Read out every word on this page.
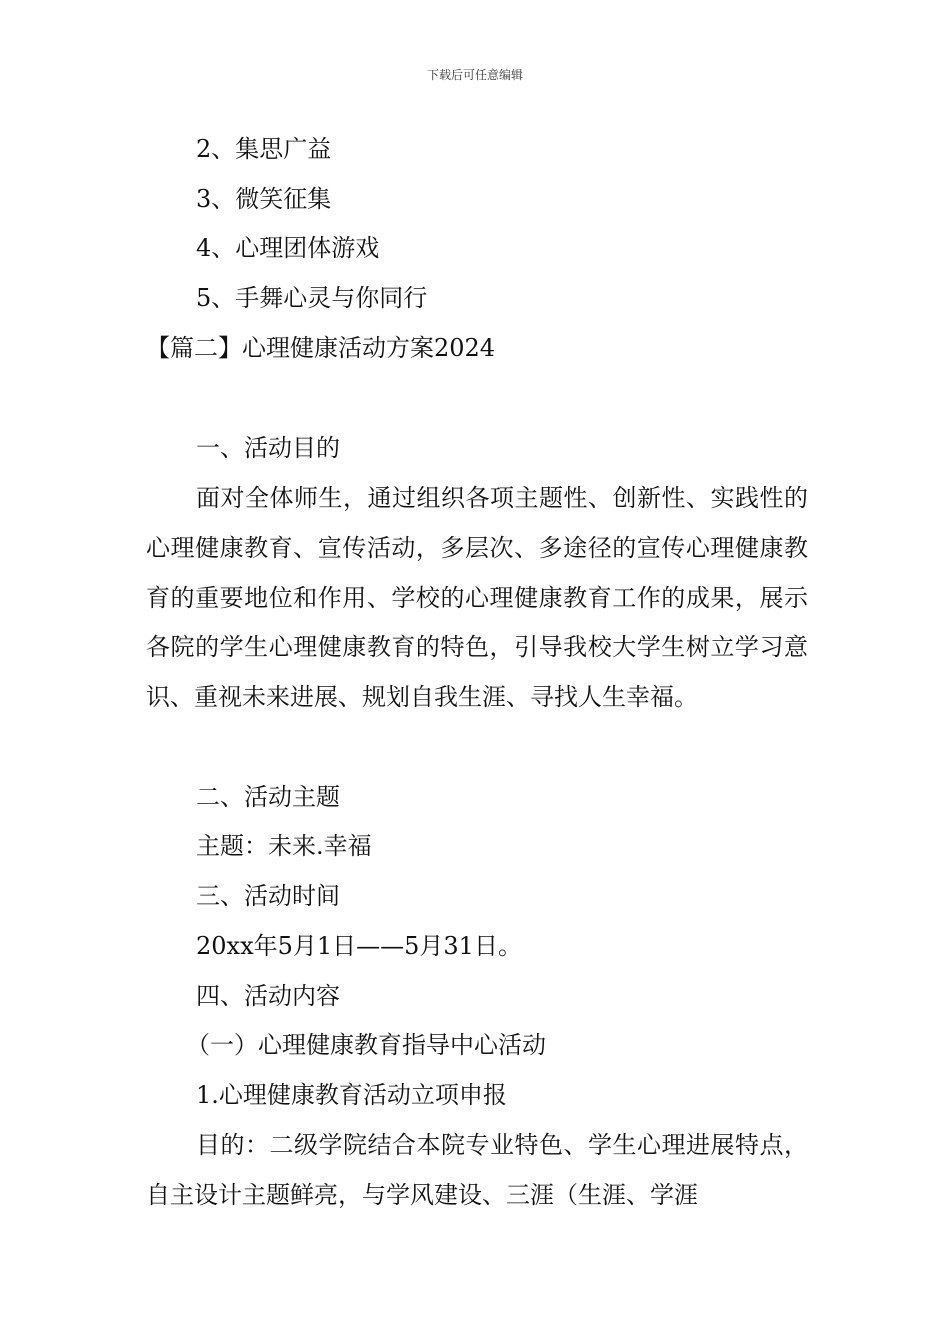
下载后可任意编辑
2、集思广益
3、微笑征集
4、心理团体游戏
5、手舞心灵与你同行
【篇二】心理健康活动方案2024
一、活动目的
面对全体师生，通过组织各项主题性、创新性、实践性的心理健康教育、宣传活动，多层次、多途径的宣传心理健康教育的重要地位和作用、学校的心理健康教育工作的成果，展示各院的学生心理健康教育的特色，引导我校大学生树立学习意识、重视未来进展、规划自我生涯、寻找人生幸福。
二、活动主题
主题：未来.幸福
三、活动时间
20xx年5月1日——5月31日。
四、活动内容
（一）心理健康教育指导中心活动
1.心理健康教育活动立项申报
目的：二级学院结合本院专业特色、学生心理进展特点，自主设计主题鲜亮，与学风建设、三涯（生涯、学涯
